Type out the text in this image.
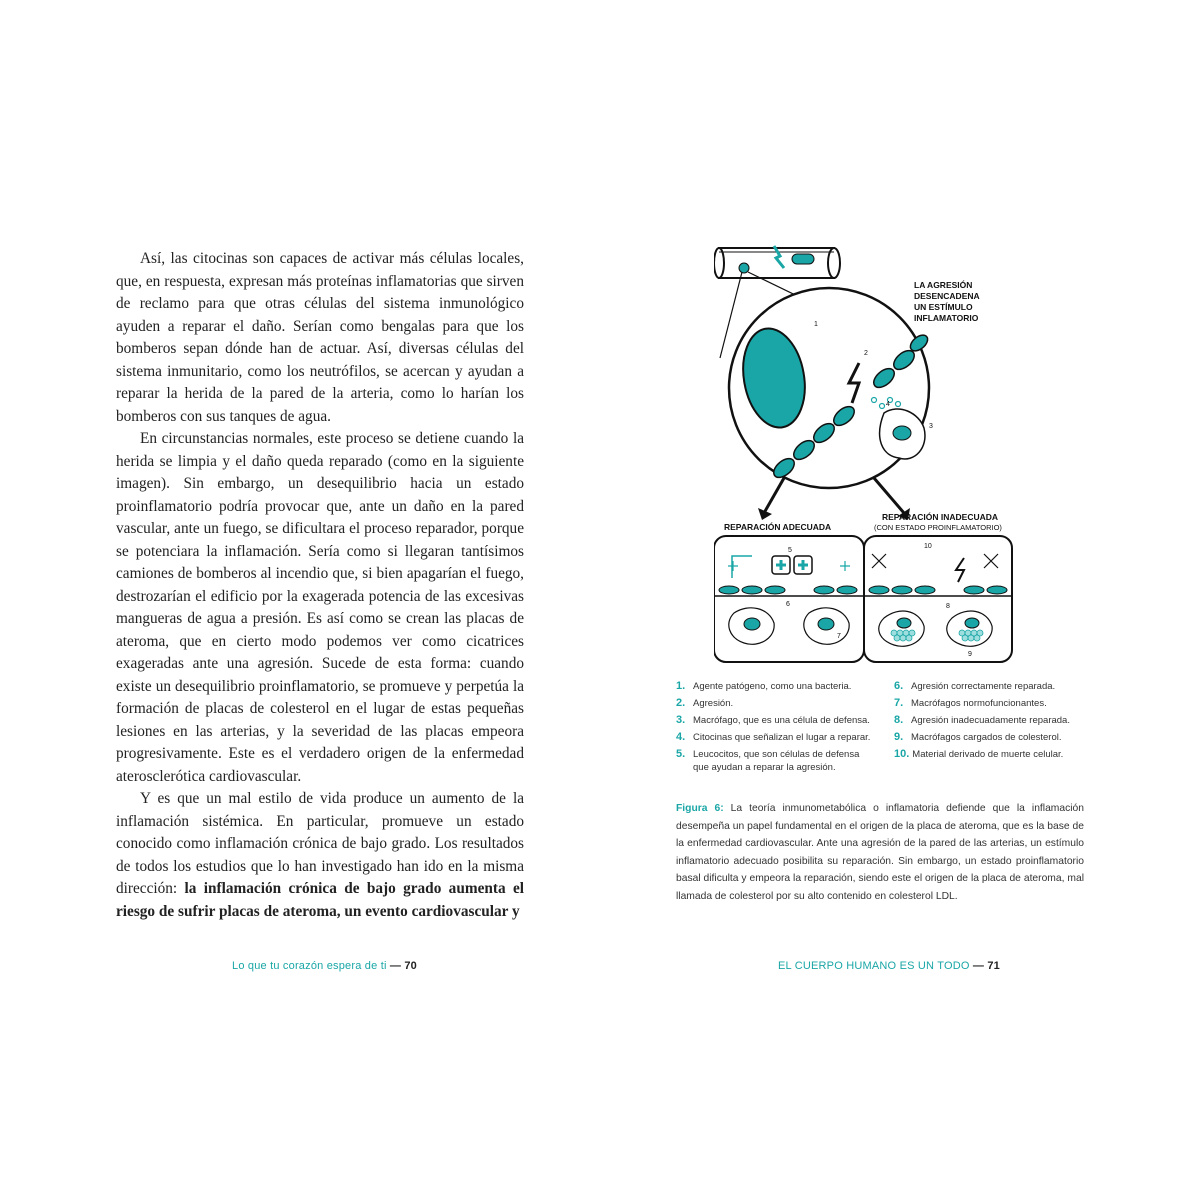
Así, las citocinas son capaces de activar más células locales, que, en respuesta, expresan más proteínas inflamatorias que sirven de reclamo para que otras células del sistema inmunológico ayuden a reparar el daño. Serían como bengalas para que los bomberos sepan dónde han de actuar. Así, diversas células del sistema inmunitario, como los neutrófilos, se acercan y ayudan a reparar la herida de la pared de la arteria, como lo harían los bomberos con sus tanques de agua.

En circunstancias normales, este proceso se detiene cuando la herida se limpia y el daño queda reparado (como en la siguiente imagen). Sin embargo, un desequilibrio hacia un estado proinflamatorio podría provocar que, ante un daño en la pared vascular, ante un fuego, se dificultara el proceso reparador, porque se potenciara la inflamación. Sería como si llegaran tantísimos camiones de bomberos al incendio que, si bien apagarían el fuego, destrozarían el edificio por la exagerada potencia de las excesivas mangueras de agua a presión. Es así como se crean las placas de ateroma, que en cierto modo podemos ver como cicatrices exageradas ante una agresión. Sucede de esta forma: cuando existe un desequilibrio proinflamatorio, se promueve y perpetúa la formación de placas de colesterol en el lugar de estas pequeñas lesiones en las arterias, y la severidad de las placas empeora progresivamente. Este es el verdadero origen de la enfermedad aterosclerótica cardiovascular.

Y es que un mal estilo de vida produce un aumento de la inflamación sistémica. En particular, promueve un estado conocido como inflamación crónica de bajo grado. Los resultados de todos los estudios que lo han investigado han ido en la misma dirección: la inflamación crónica de bajo grado aumenta el riesgo de sufrir placas de ateroma, un evento cardiovascular y

Lo que tu corazón espera de ti — 70
LA AGRESIÓN
DESENCADENA
UN ESTÍMULO
INFLAMATORIO
1
2
3
4
REPARACIÓN ADECUADA
REPARACIÓN INADECUADA
(CON ESTADO PROINFLAMATORIO)
5
6
7
8
9
10
1. Agente patógeno, como una bacteria.
2. Agresión.
3. Macrófago, que es una célula de defensa.
4. Citocinas que señalizan el lugar a reparar.
5. Leucocitos, que son células de defensa que ayudan a reparar la agresión.
6. Agresión correctamente reparada.
7. Macrófagos normofuncionantes.
8. Agresión inadecuadamente reparada.
9. Macrófagos cargados de colesterol.
10. Material derivado de muerte celular.
Figura 6: La teoría inmunometabólica o inflamatoria defiende que la inflamación desempeña un papel fundamental en el origen de la placa de ateroma, que es la base de la enfermedad cardiovascular. Ante una agresión de la pared de las arterias, un estímulo inflamatorio adecuado posibilita su reparación. Sin embargo, un estado proinflamatorio basal dificulta y empeora la reparación, siendo este el origen de la placa de ateroma, mal llamada de colesterol por su alto contenido en colesterol LDL.
EL CUERPO HUMANO ES UN TODO — 71
